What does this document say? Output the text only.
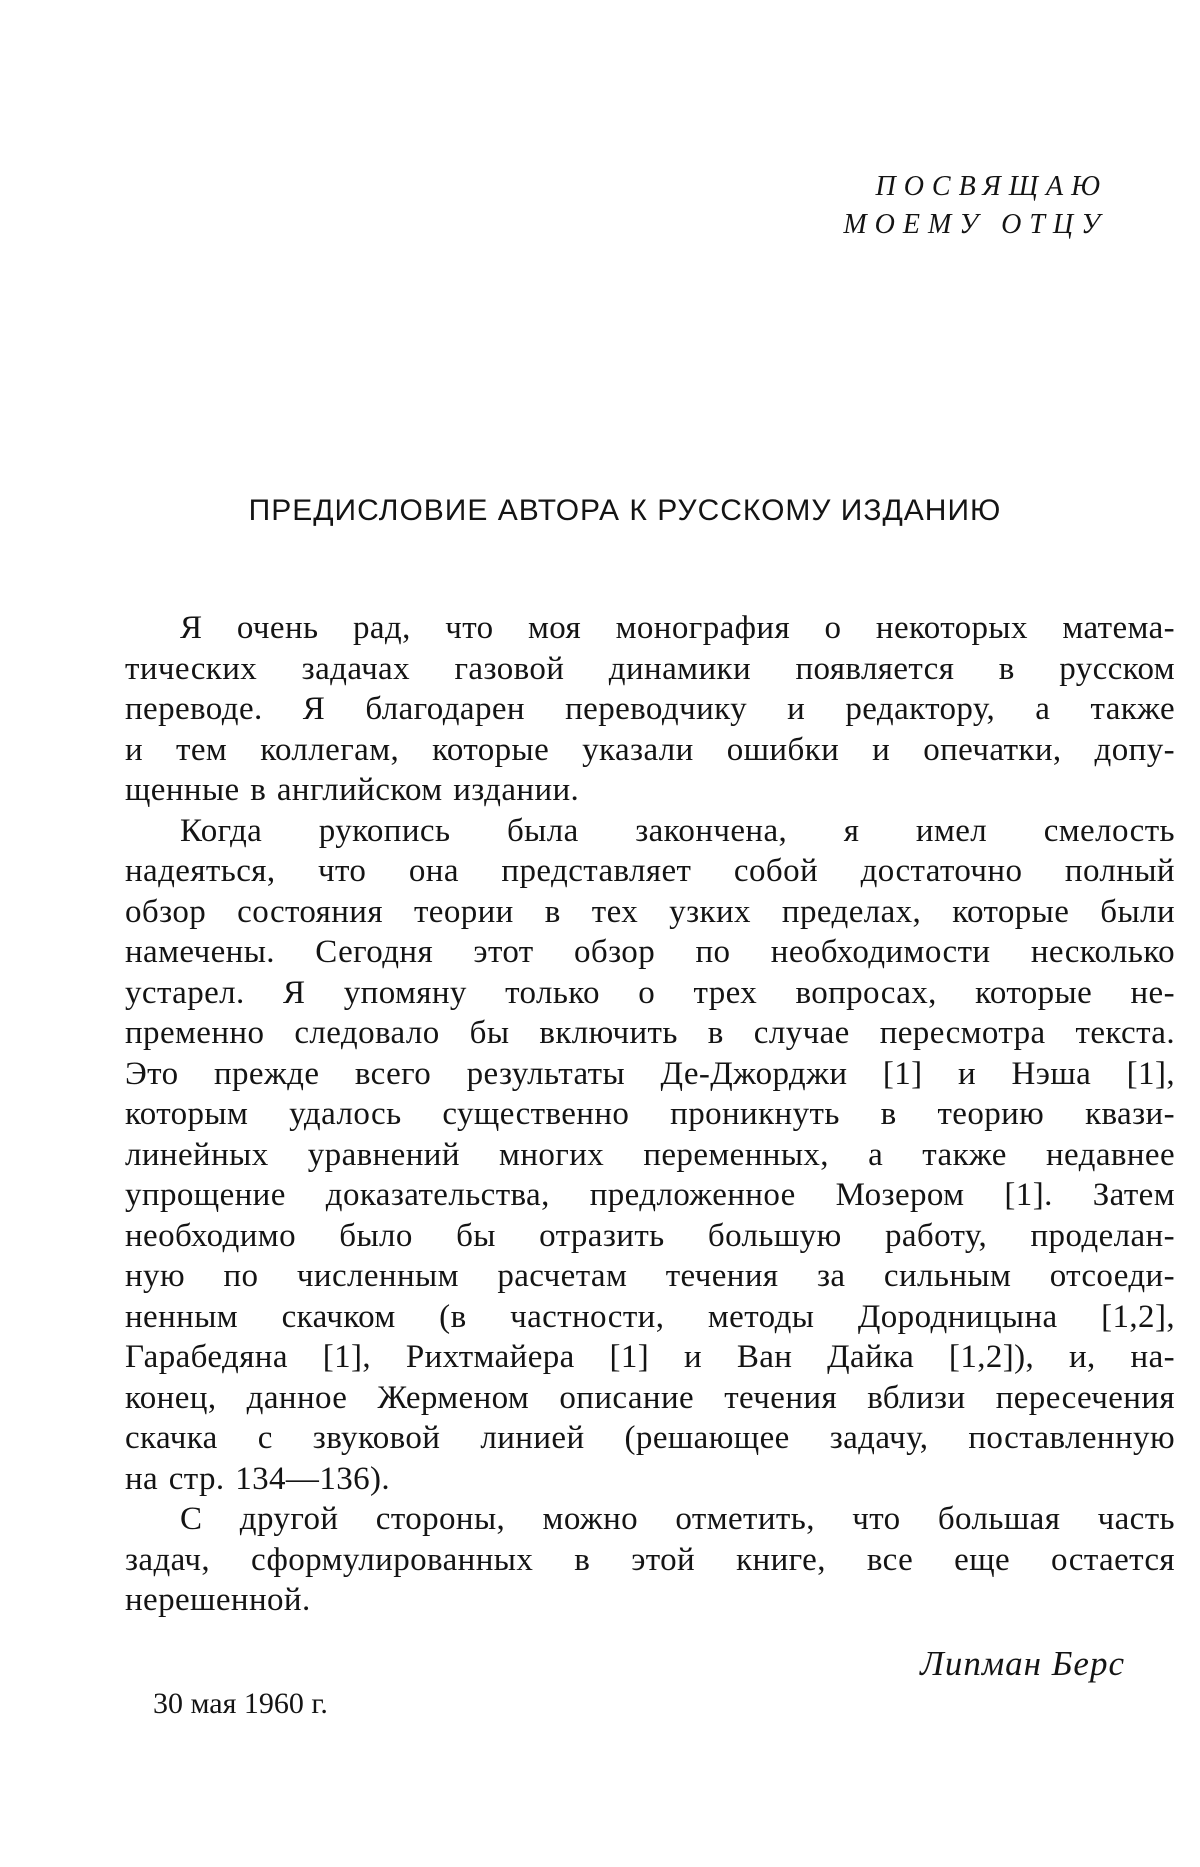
ПОСВЯЩАЮ
МОЕМУ ОТЦУ
ПРЕДИСЛОВИЕ АВТОРА К РУССКОМУ ИЗДАНИЮ
Я очень рад, что моя монография о некоторых матема-
тических задачах газовой динамики появляется в русском
переводе. Я благодарен переводчику и редактору, а также
и тем коллегам, которые указали ошибки и опечатки, допу-
щенные в английском издании.
Когда рукопись была закончена, я имел смелость
надеяться, что она представляет собой достаточно полный
обзор состояния теории в тех узких пределах, которые были
намечены. Сегодня этот обзор по необходимости несколько
устарел. Я упомяну только о трех вопросах, которые не-
пременно следовало бы включить в случае пересмотра текста.
Это прежде всего результаты Де-Джорджи [1] и Нэша [1],
которым удалось существенно проникнуть в теорию квази-
линейных уравнений многих переменных, а также недавнее
упрощение доказательства, предложенное Мозером [1]. Затем
необходимо было бы отразить большую работу, проделан-
ную по численным расчетам течения за сильным отсоеди-
ненным скачком (в частности, методы Дородницына [1,2],
Гарабедяна [1], Рихтмайера [1] и Ван Дайка [1,2]), и, на-
конец, данное Жерменом описание течения вблизи пересечения
скачка с звуковой линией (решающее задачу, поставленную
на стр. 134—136).
С другой стороны, можно отметить, что большая часть
задач, сформулированных в этой книге, все еще остается
нерешенной.
Липман Берс
30 мая 1960 г.
